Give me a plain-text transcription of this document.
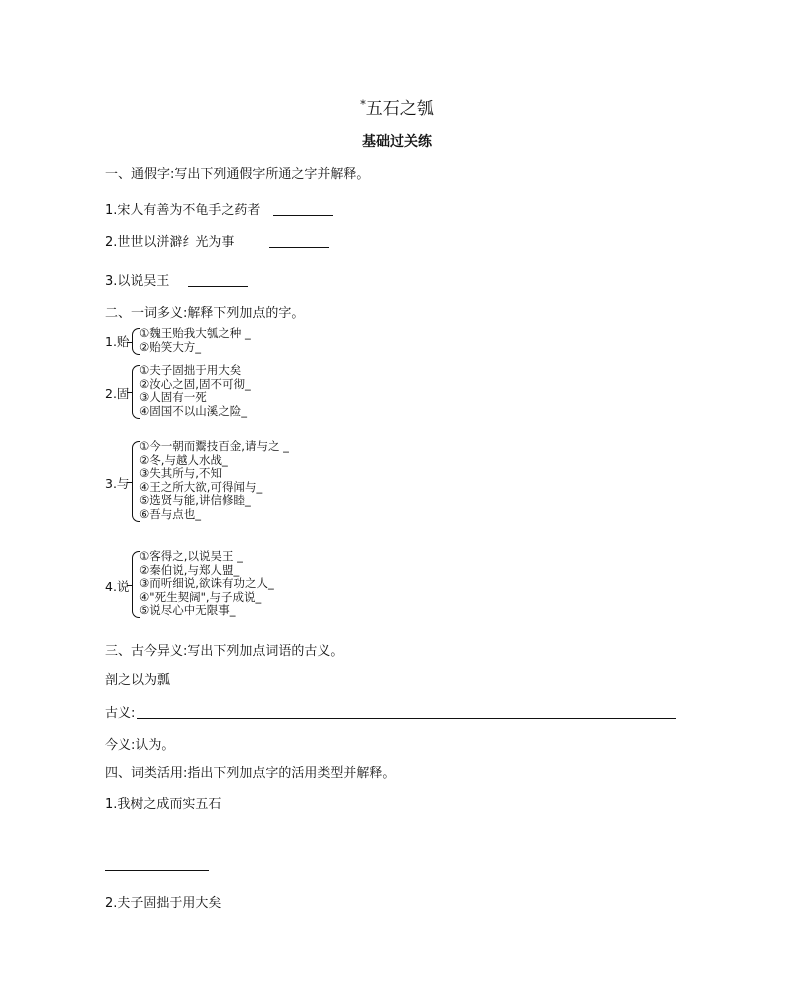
*五石之瓠
基础过关练
一、通假字:写出下列通假字所通之字并解释。
1.宋人有善为不龟手之药者
2.世世以洴澼纟光为事
3.以说吴王
二、一词多义:解释下列加点的字。
1.贻
①魏王贻我大瓠之种 _
②贻笑大方_
2.固
①夫子固拙于用大矣
②汝心之固,固不可彻_
③人固有一死
④固国不以山溪之险_
3.与
①今一朝而鬻技百金,请与之 _
②冬,与越人水战_
③失其所与,不知
④王之所大欲,可得闻与_
⑤选贤与能,讲信修睦_
⑥吾与点也_
4.说
①客得之,以说吴王 _
②秦伯说,与郑人盟_
③而听细说,欲诛有功之人_
④"死生契阔",与子成说_
⑤说尽心中无限事_
三、古今异义:写出下列加点词语的古义。
剖之以为瓢
古义:
今义:认为。
四、词类活用:指出下列加点字的活用类型并解释。
1.我树之成而实五石
2.夫子固拙于用大矣
